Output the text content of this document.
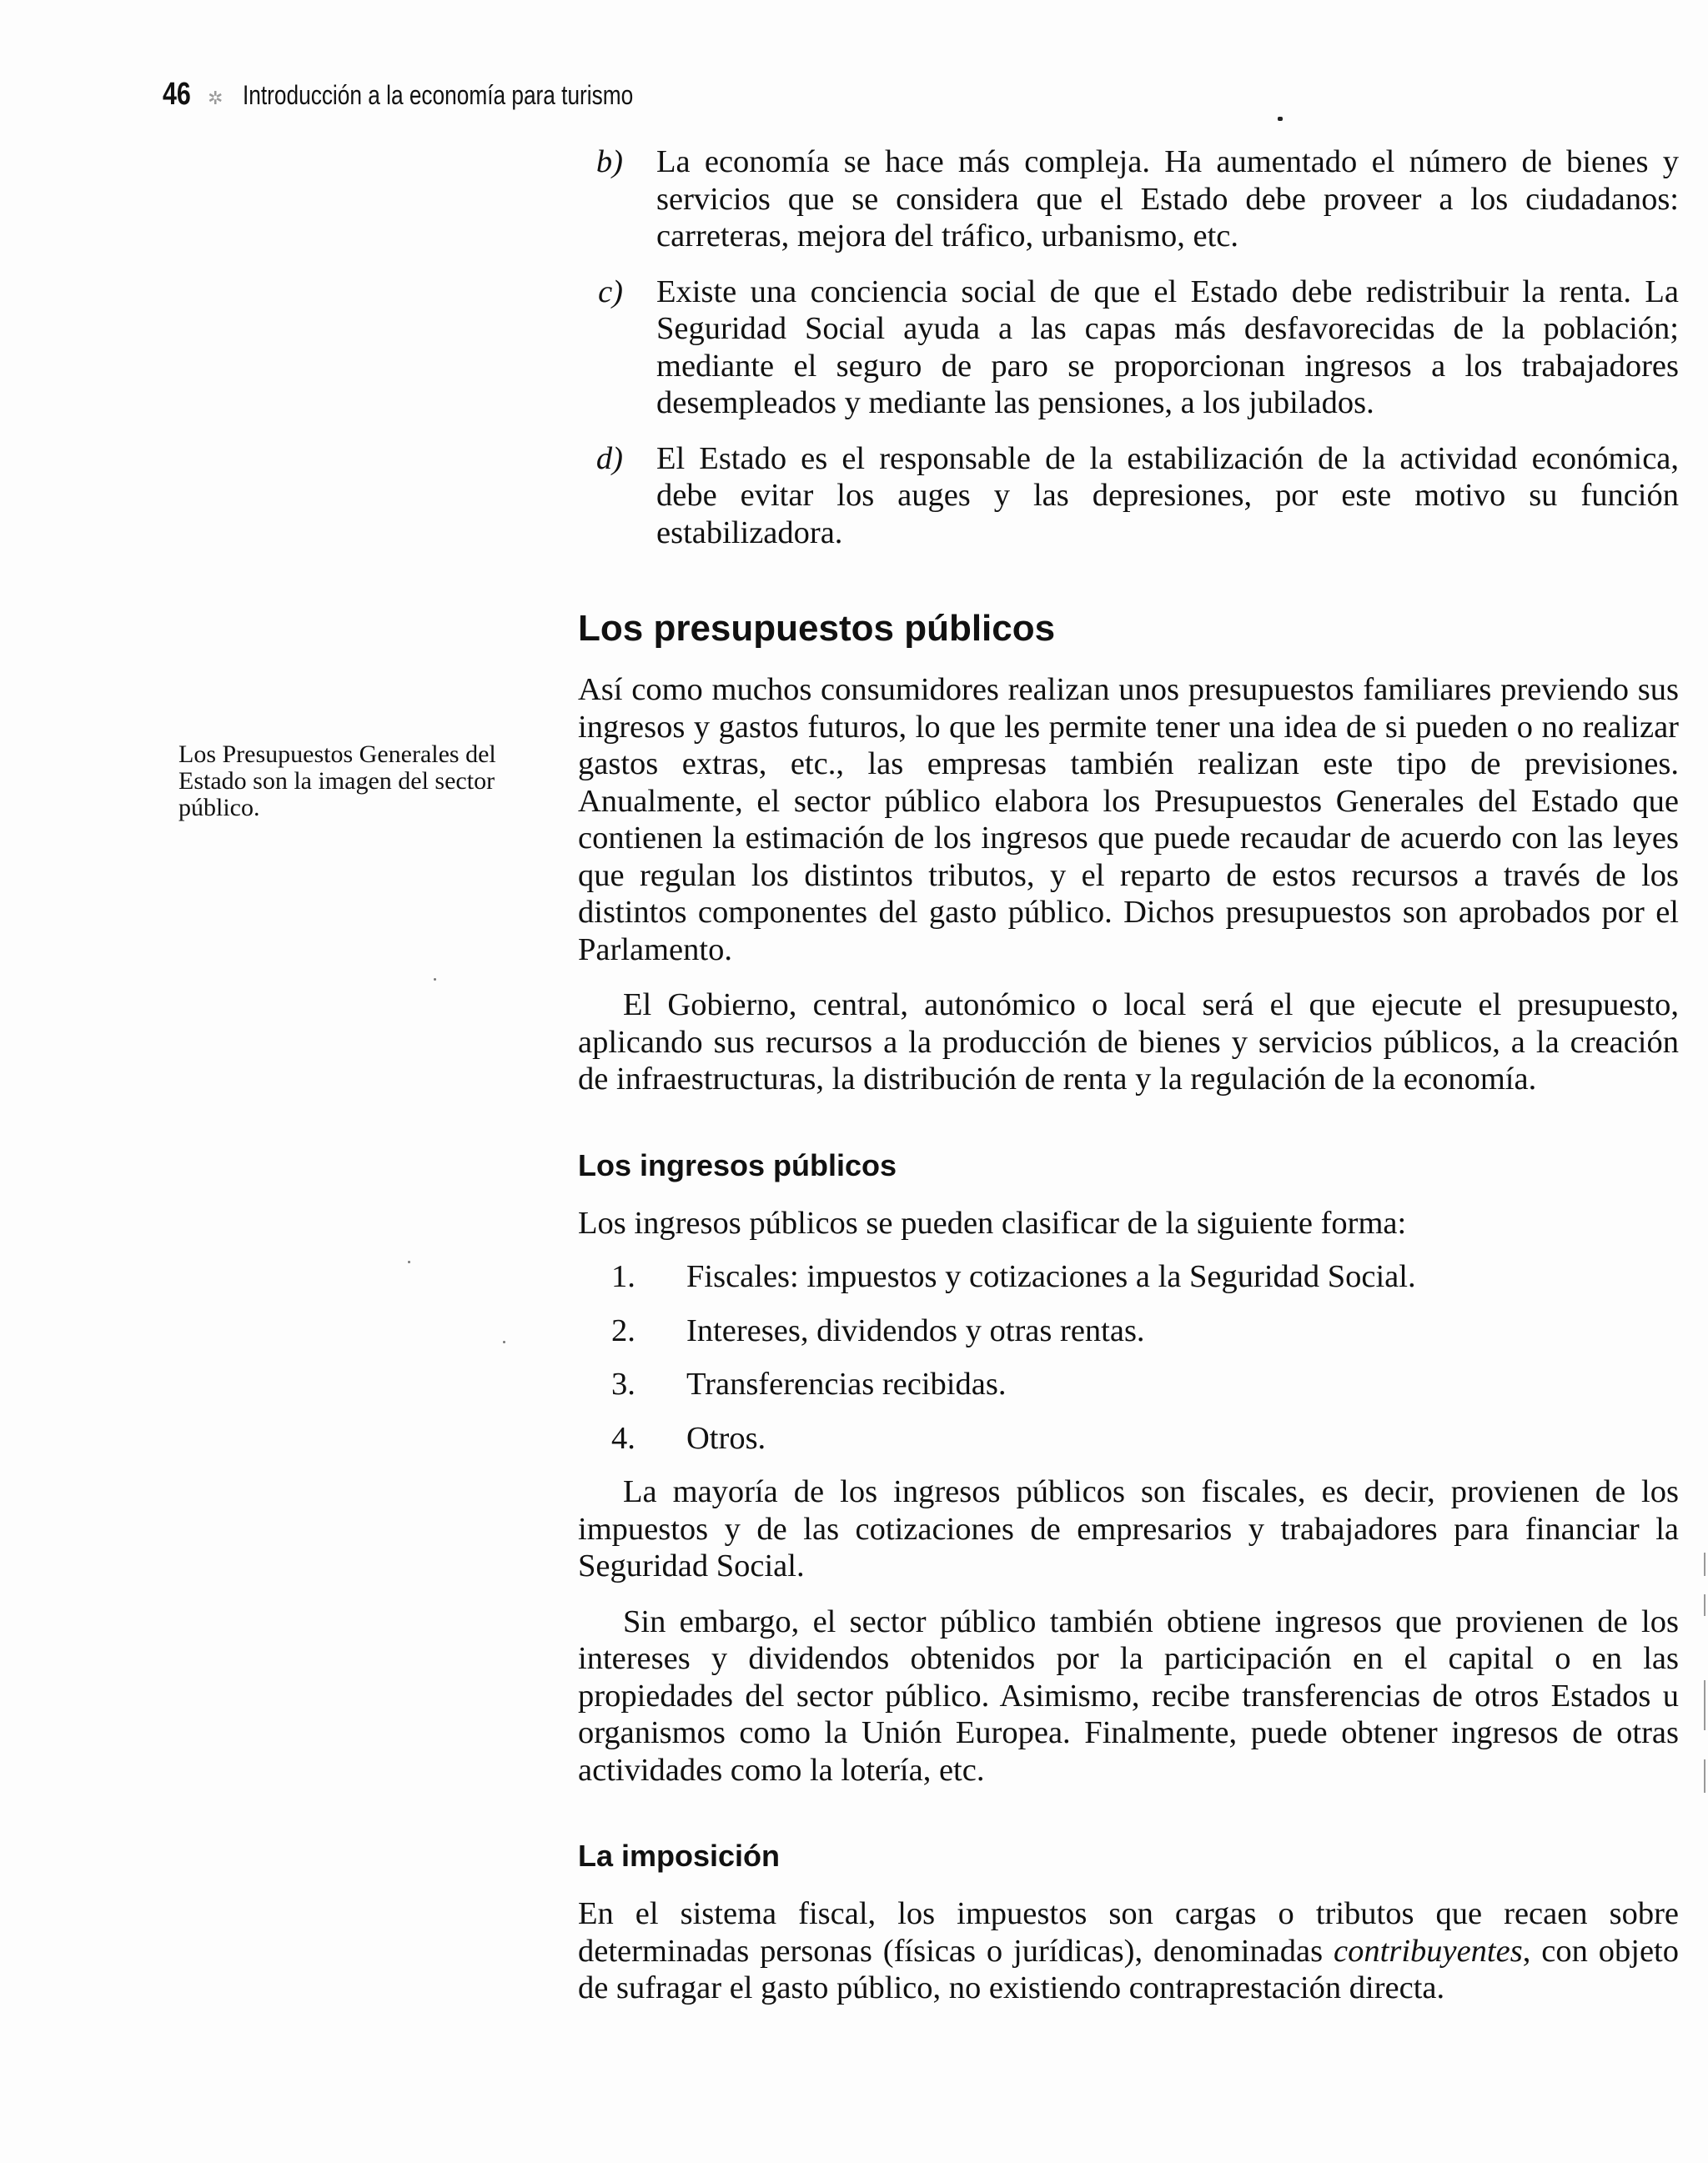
46 ✲ Introducción a la economía para turismo

Los Presupuestos Generales del Estado son la imagen del sector público.

b)	La economía se hace más compleja. Ha aumentado el número de bienes y servicios que se considera que el Estado debe proveer a los ciudadanos: carreteras, mejora del tráfico, urbanismo, etc.
c)	Existe una conciencia social de que el Estado debe redistribuir la renta. La Seguridad Social ayuda a las capas más desfavorecidas de la población; mediante el seguro de paro se proporcionan ingresos a los trabajadores desempleados y mediante las pensiones, a los jubilados.
d)	El Estado es el responsable de la estabilización de la actividad económica, debe evitar los auges y las depresiones, por este motivo su función estabilizadora.
Los presupuestos públicos

Así como muchos consumidores realizan unos presupuestos familiares previendo sus ingresos y gastos futuros, lo que les permite tener una idea de si pueden o no realizar gastos extras, etc., las empresas también realizan este tipo de previsiones. Anualmente, el sector público elabora los Presupuestos Generales del Estado que contienen la estimación de los ingresos que puede recaudar de acuerdo con las leyes que regulan los distintos tributos, y el reparto de estos recursos a través de los distintos componentes del gasto público. Dichos presupuestos son aprobados por el Parlamento.

El Gobierno, central, autonómico o local será el que ejecute el presupuesto, aplicando sus recursos a la producción de bienes y servicios públicos, a la creación de infraestructuras, la distribución de renta y la regulación de la economía.

Los ingresos públicos

Los ingresos públicos se pueden clasificar de la siguiente forma:

1.	Fiscales: impuestos y cotizaciones a la Seguridad Social.
2.	Intereses, dividendos y otras rentas.
3.	Transferencias recibidas.
4.	Otros.

La mayoría de los ingresos públicos son fiscales, es decir, provienen de los impuestos y de las cotizaciones de empresarios y trabajadores para financiar la Seguridad Social.

Sin embargo, el sector público también obtiene ingresos que provienen de los intereses y dividendos obtenidos por la participación en el capital o en las propiedades del sector público. Asimismo, recibe transferencias de otros Estados u organismos como la Unión Europea. Finalmente, puede obtener ingresos de otras actividades como la lotería, etc.

La imposición

En el sistema fiscal, los impuestos son cargas o tributos que recaen sobre determinadas personas (físicas o jurídicas), denominadas contribuyentes, con objeto de sufragar el gasto público, no existiendo contraprestación directa.
